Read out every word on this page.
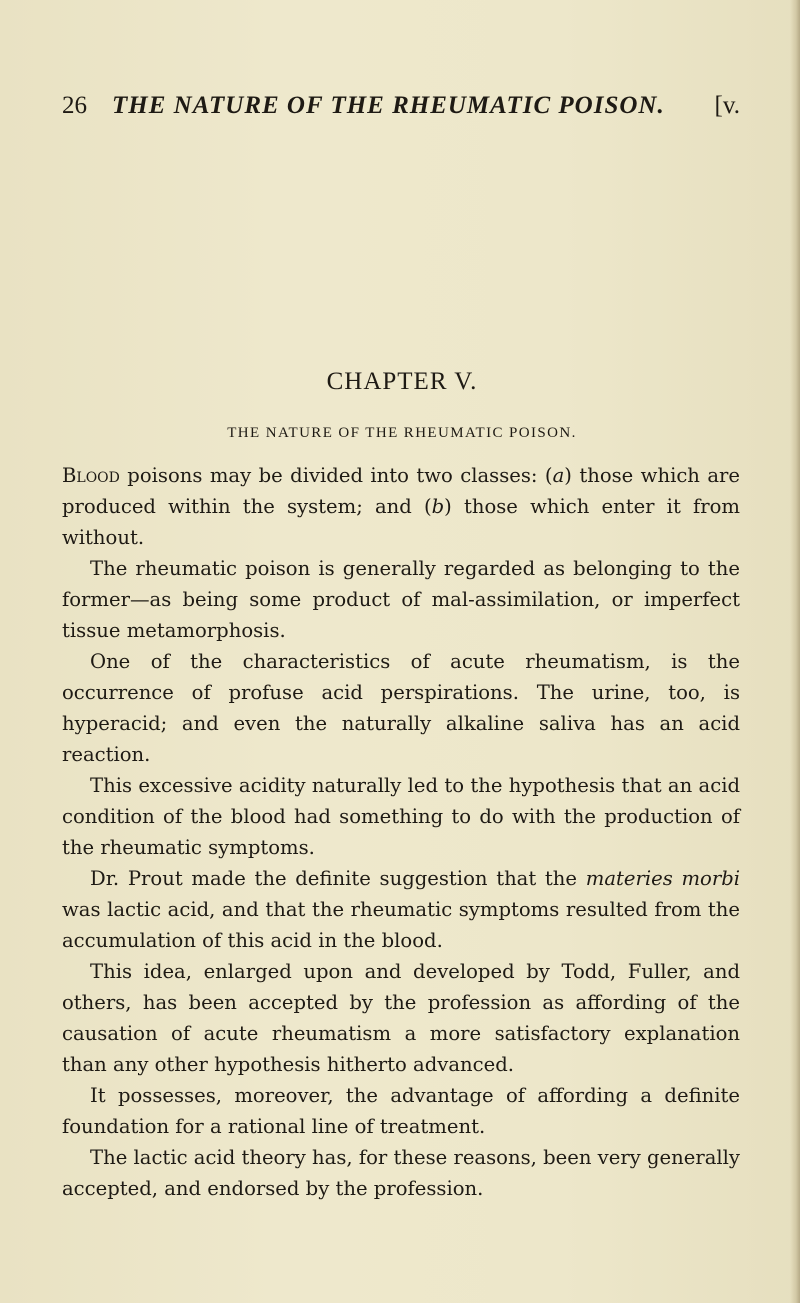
26 THE NATURE OF THE RHEUMATIC POISON. [v.
CHAPTER V.
THE NATURE OF THE RHEUMATIC POISON.

Blood poisons may be divided into two classes: (a) those which are produced within the system; and (b) those which enter it from without.

The rheumatic poison is generally regarded as belonging to the former—as being some product of mal-assimilation, or imperfect tissue metamorphosis.

One of the characteristics of acute rheumatism, is the occurrence of profuse acid perspirations. The urine, too, is hyperacid; and even the naturally alkaline saliva has an acid reaction.

This excessive acidity naturally led to the hypothesis that an acid condition of the blood had something to do with the production of the rheumatic symptoms.

Dr. Prout made the definite suggestion that the materies morbi was lactic acid, and that the rheumatic symptoms resulted from the accumulation of this acid in the blood.

This idea, enlarged upon and developed by Todd, Fuller, and others, has been accepted by the profession as affording of the causation of acute rheumatism a more satisfactory explanation than any other hypothesis hitherto advanced.

It possesses, moreover, the advantage of affording a definite foundation for a rational line of treatment.

The lactic acid theory has, for these reasons, been very generally accepted, and endorsed by the profession.
